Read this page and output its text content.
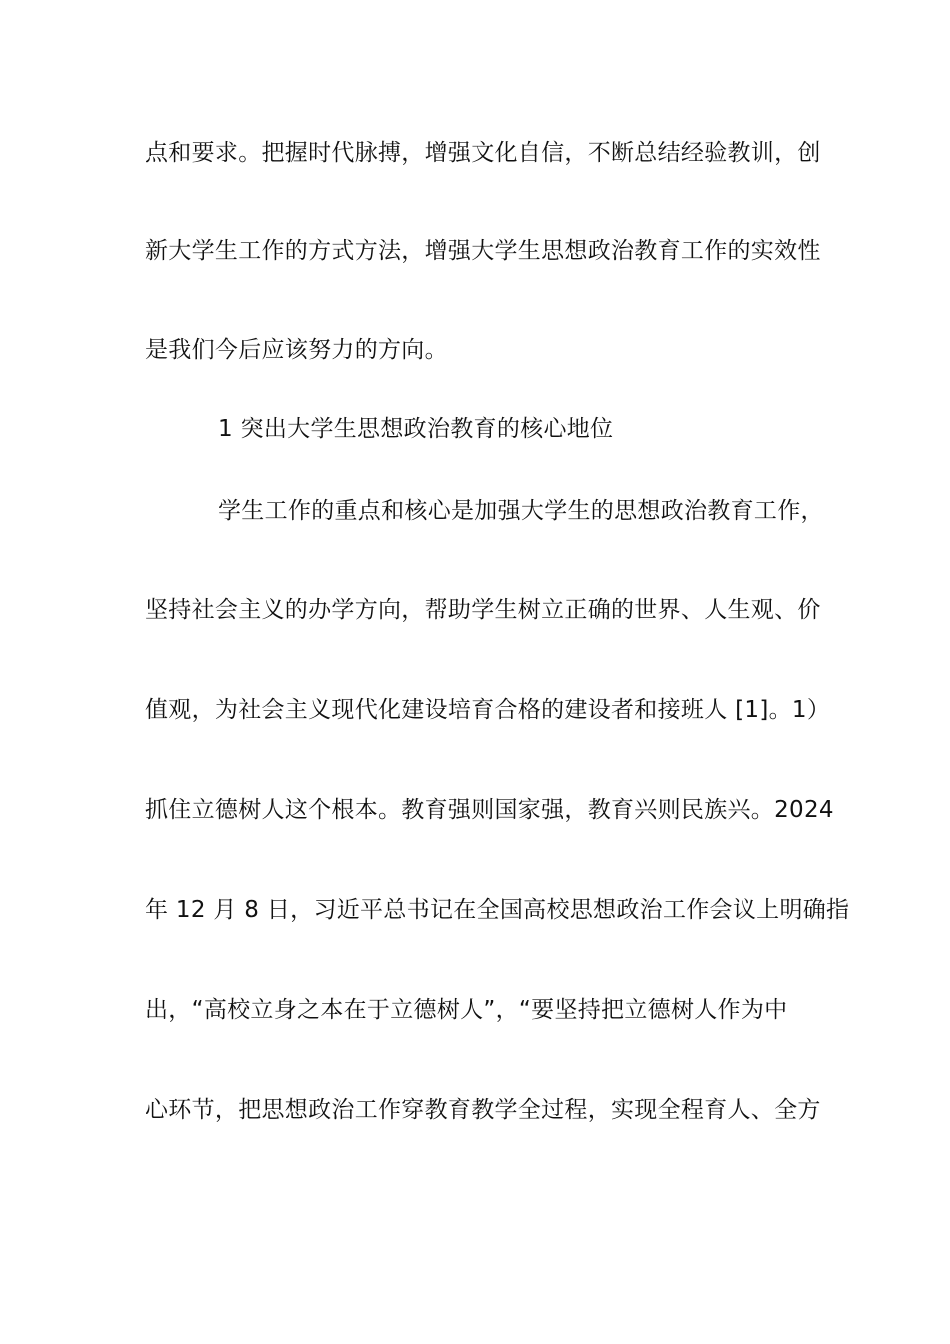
点和要求。把握时代脉搏，增强文化自信，不断总结经验教训，创
新大学生工作的方式方法，增强大学生思想政治教育工作的实效性
是我们今后应该努力的方向。
1 突出大学生思想政治教育的核心地位
学生工作的重点和核心是加强大学生的思想政治教育工作，
坚持社会主义的办学方向，帮助学生树立正确的世界、人生观、价
值观，为社会主义现代化建设培育合格的建设者和接班人 [1]。1）
抓住立德树人这个根本。教育强则国家强，教育兴则民族兴。2024
年 12 月 8 日，习近平总书记在全国高校思想政治工作会议上明确指
出，“高校立身之本在于立德树人”，“要坚持把立德树人作为中
心环节，把思想政治工作穿教育教学全过程，实现全程育人、全方
